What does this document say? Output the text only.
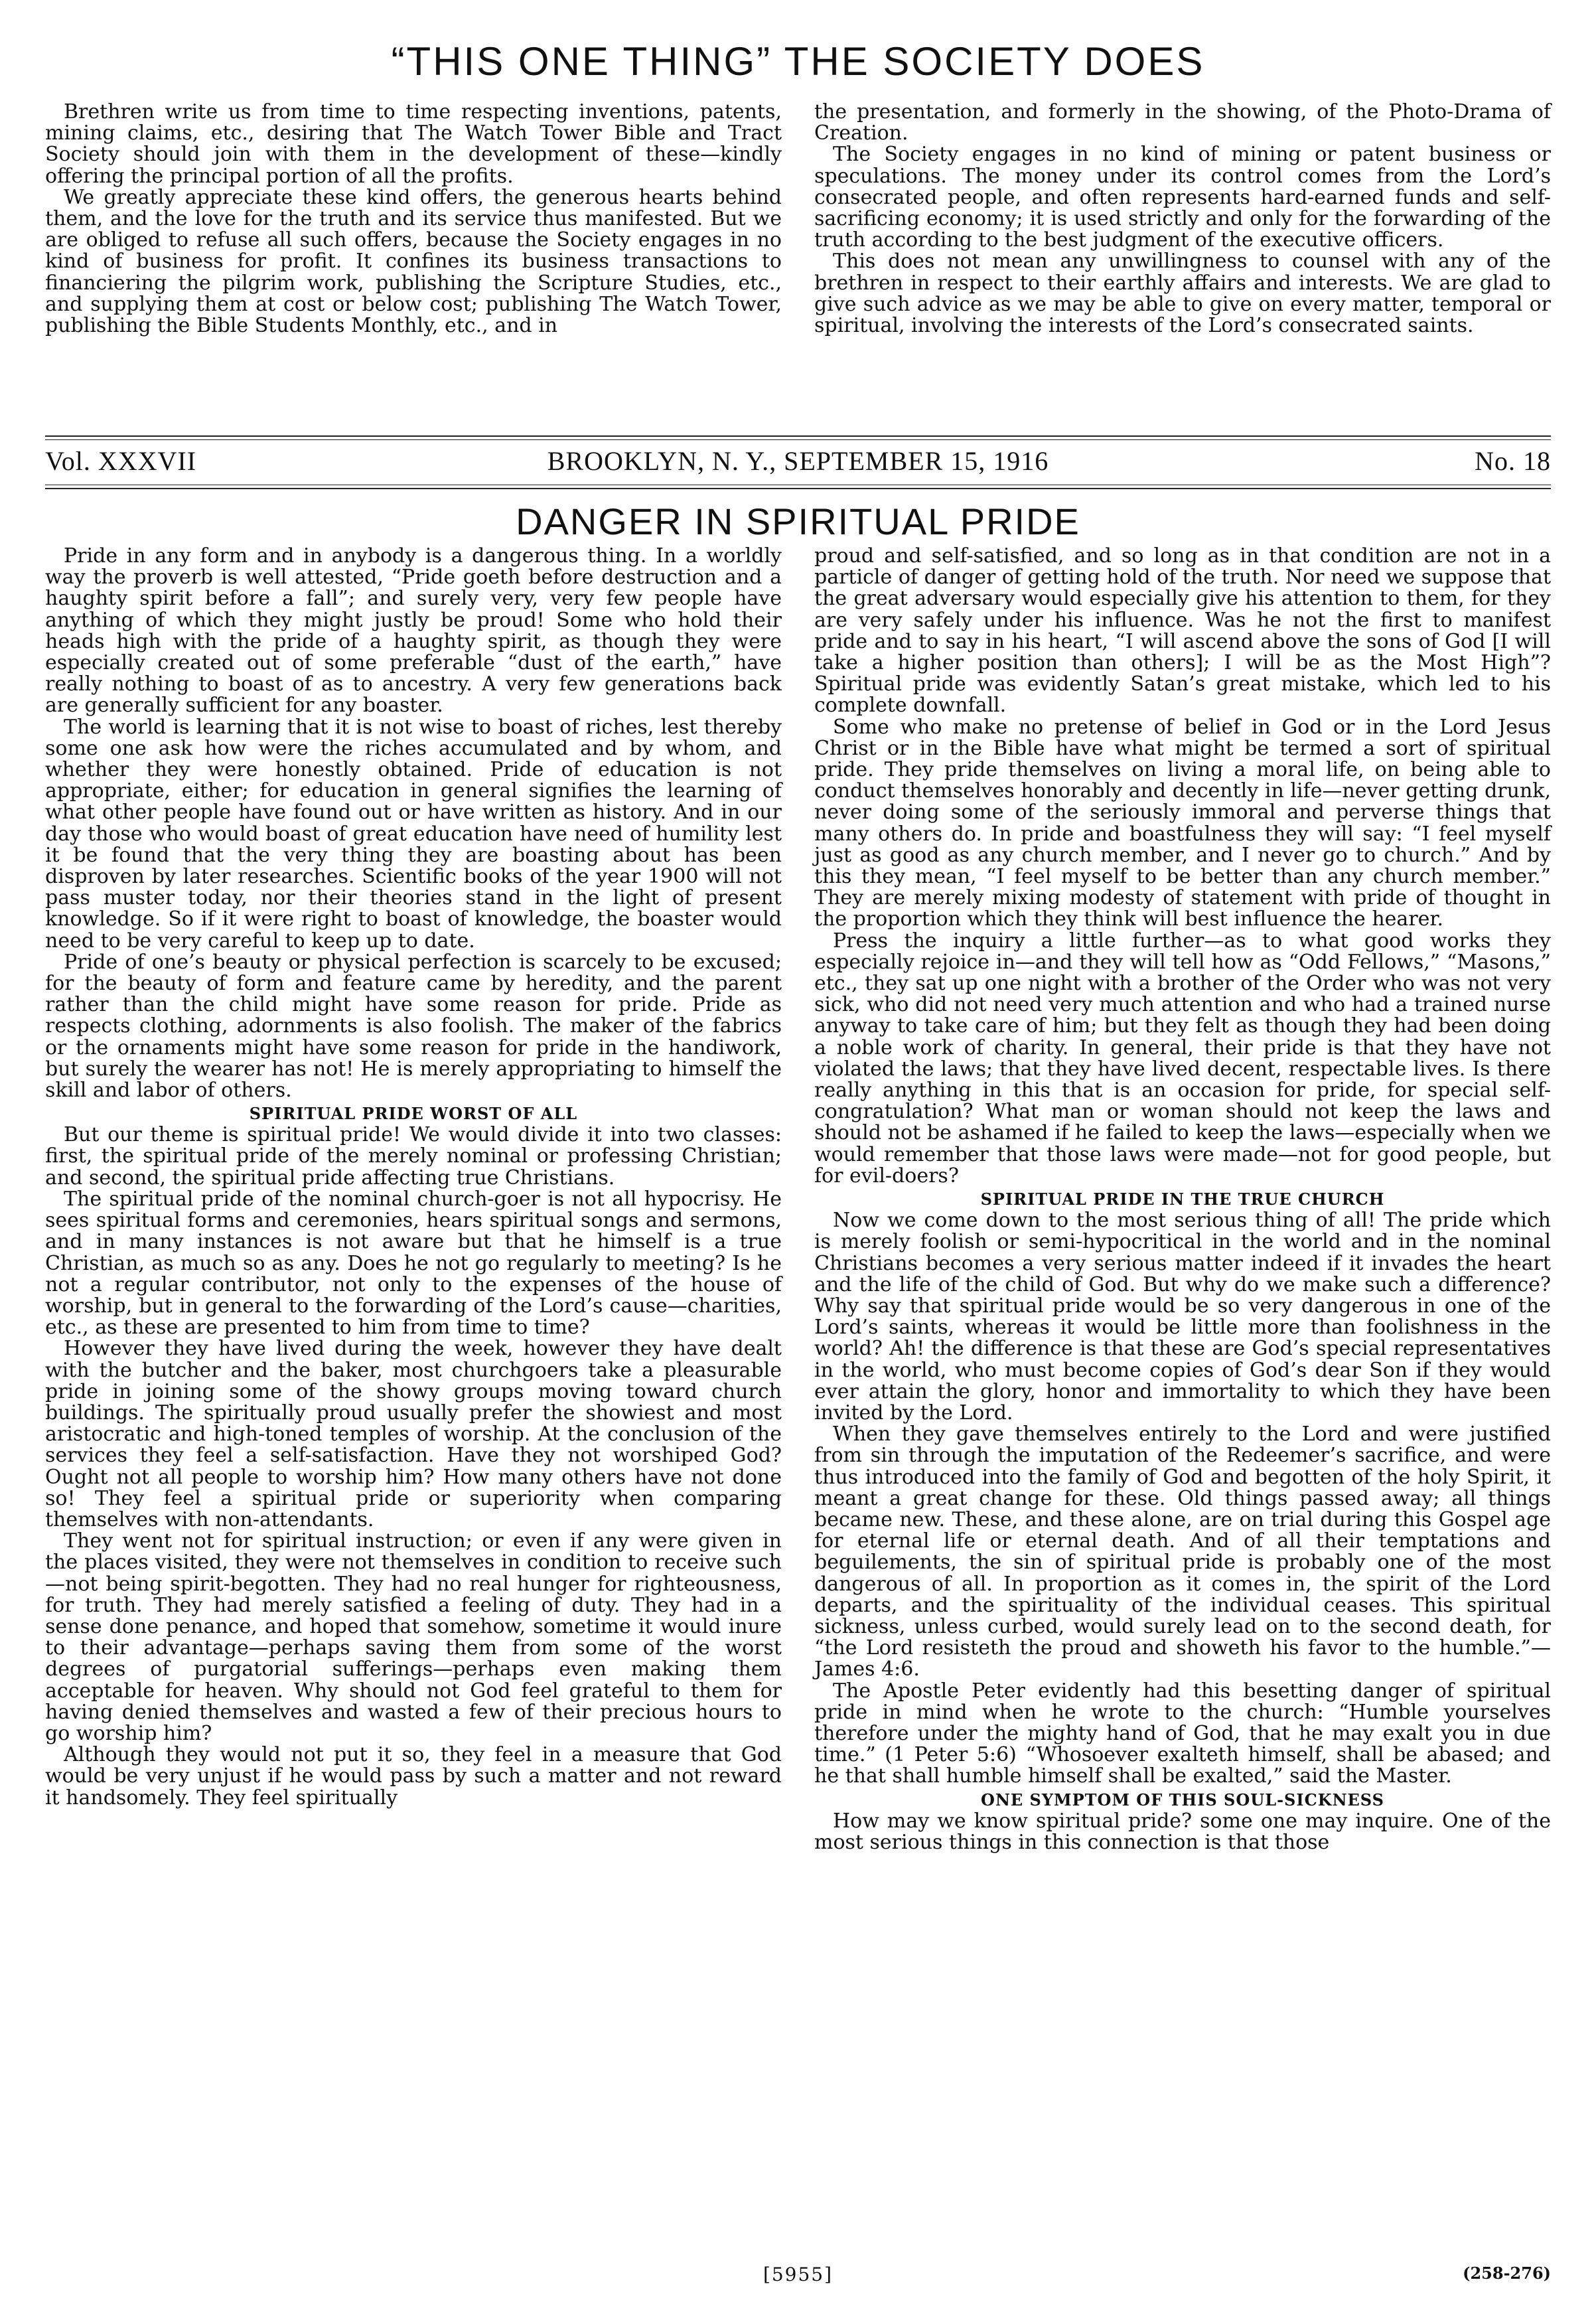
“THIS ONE THING” THE SOCIETY DOES

Brethren write us from time to time respecting inventions, patents, mining claims, etc., desiring that The Watch Tower Bible and Tract Society should join with them in the development of these—kindly offering the principal portion of all the profits.

We greatly appreciate these kind offers, the generous hearts behind them, and the love for the truth and its service thus manifested. But we are obliged to refuse all such offers, because the Society engages in no kind of business for profit. It confines its business transactions to financiering the pilgrim work, publishing the Scripture Studies, etc., and supplying them at cost or below cost; publishing The Watch Tower, publishing the Bible Students Monthly, etc., and in

the presentation, and formerly in the showing, of the Photo-Drama of Creation.

The Society engages in no kind of mining or patent business or speculations. The money under its control comes from the Lord’s consecrated people, and often represents hard-earned funds and self-sacrificing economy; it is used strictly and only for the forwarding of the truth according to the best judgment of the executive officers.

This does not mean any unwillingness to counsel with any of the brethren in respect to their earthly affairs and interests. We are glad to give such advice as we may be able to give on every matter, temporal or spiritual, involving the interests of the Lord’s consecrated saints.

Vol. XXXVII	BROOKLYN, N. Y., SEPTEMBER 15, 1916	No. 18
DANGER IN SPIRITUAL PRIDE

Pride in any form and in anybody is a dangerous thing. In a worldly way the proverb is well attested, “Pride goeth before destruction and a haughty spirit before a fall”; and surely very, very few people have anything of which they might justly be proud! Some who hold their heads high with the pride of a haughty spirit, as though they were especially created out of some preferable “dust of the earth,” have really nothing to boast of as to ancestry. A very few generations back are generally sufficient for any boaster.

The world is learning that it is not wise to boast of riches, lest thereby some one ask how were the riches accumulated and by whom, and whether they were honestly obtained. Pride of education is not appropriate, either; for education in general signifies the learning of what other people have found out or have written as history. And in our day those who would boast of great education have need of humility lest it be found that the very thing they are boasting about has been disproven by later researches. Scientific books of the year 1900 will not pass muster today, nor their theories stand in the light of present knowledge. So if it were right to boast of knowledge, the boaster would need to be very careful to keep up to date.

Pride of one’s beauty or physical perfection is scarcely to be excused; for the beauty of form and feature came by heredity, and the parent rather than the child might have some reason for pride. Pride as respects clothing, adornments is also foolish. The maker of the fabrics or the ornaments might have some reason for pride in the handiwork, but surely the wearer has not! He is merely appropriating to himself the skill and labor of others.

SPIRITUAL PRIDE WORST OF ALL

But our theme is spiritual pride! We would divide it into two classes: first, the spiritual pride of the merely nominal or professing Christian; and second, the spiritual pride affecting true Christians.

The spiritual pride of the nominal church-goer is not all hypocrisy. He sees spiritual forms and ceremonies, hears spiritual songs and sermons, and in many instances is not aware but that he himself is a true Christian, as much so as any. Does he not go regularly to meeting? Is he not a regular contributor, not only to the expenses of the house of worship, but in general to the forwarding of the Lord’s cause—charities, etc., as these are presented to him from time to time?

However they have lived during the week, however they have dealt with the butcher and the baker, most churchgoers take a pleasurable pride in joining some of the showy groups moving toward church buildings. The spiritually proud usually prefer the showiest and most aristocratic and high-toned temples of worship. At the conclusion of the services they feel a self-satisfaction. Have they not worshiped God? Ought not all people to worship him? How many others have not done so! They feel a spiritual pride or superiority when comparing themselves with non-attendants.

They went not for spiritual instruction; or even if any were given in the places visited, they were not themselves in condition to receive such—not being spirit-begotten. They had no real hunger for righteousness, for truth. They had merely satisfied a feeling of duty. They had in a sense done penance, and hoped that somehow, sometime it would inure to their advantage—perhaps saving them from some of the worst degrees of purgatorial sufferings—perhaps even making them acceptable for heaven. Why should not God feel grateful to them for having denied themselves and wasted a few of their precious hours to go worship him?

Although they would not put it so, they feel in a measure that God would be very unjust if he would pass by such a matter and not reward it handsomely. They feel spiritually

proud and self-satisfied, and so long as in that condition are not in a particle of danger of getting hold of the truth. Nor need we suppose that the great adversary would especially give his attention to them, for they are very safely under his influence. Was he not the first to manifest pride and to say in his heart, “I will ascend above the sons of God [I will take a higher position than others]; I will be as the Most High”? Spiritual pride was evidently Satan’s great mistake, which led to his complete downfall.

Some who make no pretense of belief in God or in the Lord Jesus Christ or in the Bible have what might be termed a sort of spiritual pride. They pride themselves on living a moral life, on being able to conduct themselves honorably and decently in life—never getting drunk, never doing some of the seriously immoral and perverse things that many others do. In pride and boastfulness they will say: “I feel myself just as good as any church member, and I never go to church.” And by this they mean, “I feel myself to be better than any church member.” They are merely mixing modesty of statement with pride of thought in the proportion which they think will best influence the hearer.

Press the inquiry a little further—as to what good works they especially rejoice in—and they will tell how as “Odd Fellows,” “Masons,” etc., they sat up one night with a brother of the Order who was not very sick, who did not need very much attention and who had a trained nurse anyway to take care of him; but they felt as though they had been doing a noble work of charity. In general, their pride is that they have not violated the laws; that they have lived decent, respectable lives. Is there really anything in this that is an occasion for pride, for special self-congratulation? What man or woman should not keep the laws and should not be ashamed if he failed to keep the laws—especially when we would remember that those laws were made—not for good people, but for evil-doers?

SPIRITUAL PRIDE IN THE TRUE CHURCH

Now we come down to the most serious thing of all! The pride which is merely foolish or semi-hypocritical in the world and in the nominal Christians becomes a very serious matter indeed if it invades the heart and the life of the child of God. But why do we make such a difference? Why say that spiritual pride would be so very dangerous in one of the Lord’s saints, whereas it would be little more than foolishness in the world? Ah! the difference is that these are God’s special representatives in the world, who must become copies of God’s dear Son if they would ever attain the glory, honor and immortality to which they have been invited by the Lord.

When they gave themselves entirely to the Lord and were justified from sin through the imputation of the Redeemer’s sacrifice, and were thus introduced into the family of God and begotten of the holy Spirit, it meant a great change for these. Old things passed away; all things became new. These, and these alone, are on trial during this Gospel age for eternal life or eternal death. And of all their temptations and beguilements, the sin of spiritual pride is probably one of the most dangerous of all. In proportion as it comes in, the spirit of the Lord departs, and the spirituality of the individual ceases. This spiritual sickness, unless curbed, would surely lead on to the second death, for “the Lord resisteth the proud and showeth his favor to the humble.”—James 4:6.

The Apostle Peter evidently had this besetting danger of spiritual pride in mind when he wrote to the church: “Humble yourselves therefore under the mighty hand of God, that he may exalt you in due time.” (1 Peter 5:6) “Whosoever exalteth himself, shall be abased; and he that shall humble himself shall be exalted,” said the Master.

ONE SYMPTOM OF THIS SOUL-SICKNESS

How may we know spiritual pride? some one may inquire. One of the most serious things in this connection is that those

[5955]	(258-276)
